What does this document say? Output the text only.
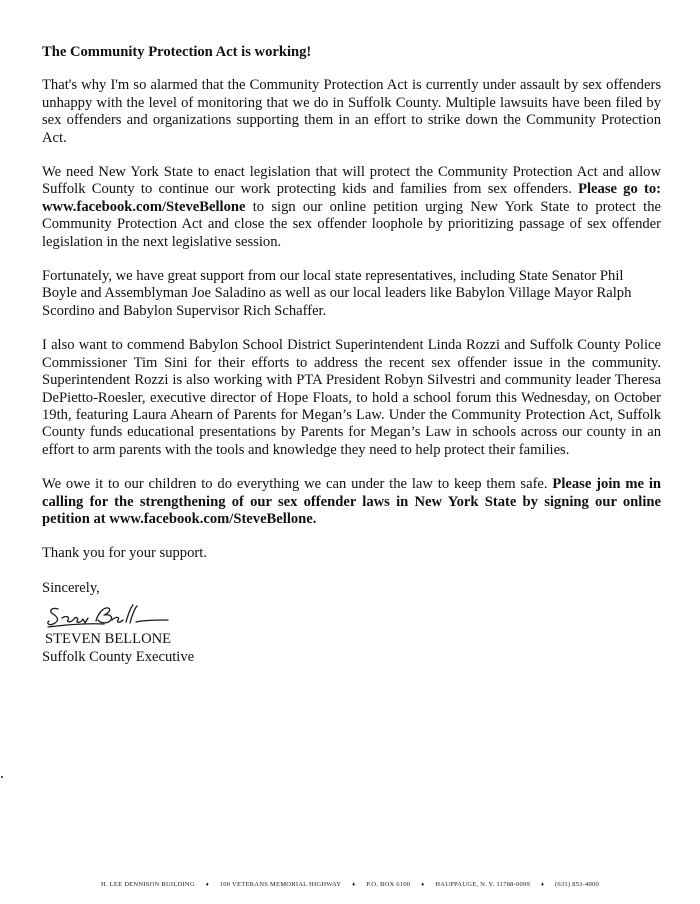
The Community Protection Act is working!

That's why I'm so alarmed that the Community Protection Act is currently under assault by sex offenders unhappy with the level of monitoring that we do in Suffolk County. Multiple lawsuits have been filed by sex offenders and organizations supporting them in an effort to strike down the Community Protection Act.

We need New York State to enact legislation that will protect the Community Protection Act and allow Suffolk County to continue our work protecting kids and families from sex offenders. Please go to: www.facebook.com/SteveBellone to sign our online petition urging New York State to protect the Community Protection Act and close the sex offender loophole by prioritizing passage of sex offender legislation in the next legislative session.

Fortunately, we have great support from our local state representatives, including State Senator Phil Boyle and Assemblyman Joe Saladino as well as our local leaders like Babylon Village Mayor Ralph Scordino and Babylon Supervisor Rich Schaffer.

I also want to commend Babylon School District Superintendent Linda Rozzi and Suffolk County Police Commissioner Tim Sini for their efforts to address the recent sex offender issue in the community. Superintendent Rozzi is also working with PTA President Robyn Silvestri and community leader Theresa DePietto-Roesler, executive director of Hope Floats, to hold a school forum this Wednesday, on October 19th, featuring Laura Ahearn of Parents for Megan’s Law. Under the Community Protection Act, Suffolk County funds educational presentations by Parents for Megan’s Law in schools across our county in an effort to arm parents with the tools and knowledge they need to help protect their families.

We owe it to our children to do everything we can under the law to keep them safe. Please join me in calling for the strengthening of our sex offender laws in New York State by signing our online petition at www.facebook.com/SteveBellone.

Thank you for your support.

Sincerely,

STEVEN BELLONE

Suffolk County Executive

H. LEE DENNISON BUILDING ♦ 100 VETERANS MEMORIAL HIGHWAY ♦ P.O. BOX 6100 ♦ HAUPPAUGE, N. Y. 11788-0099 ♦ (631) 853-4000
